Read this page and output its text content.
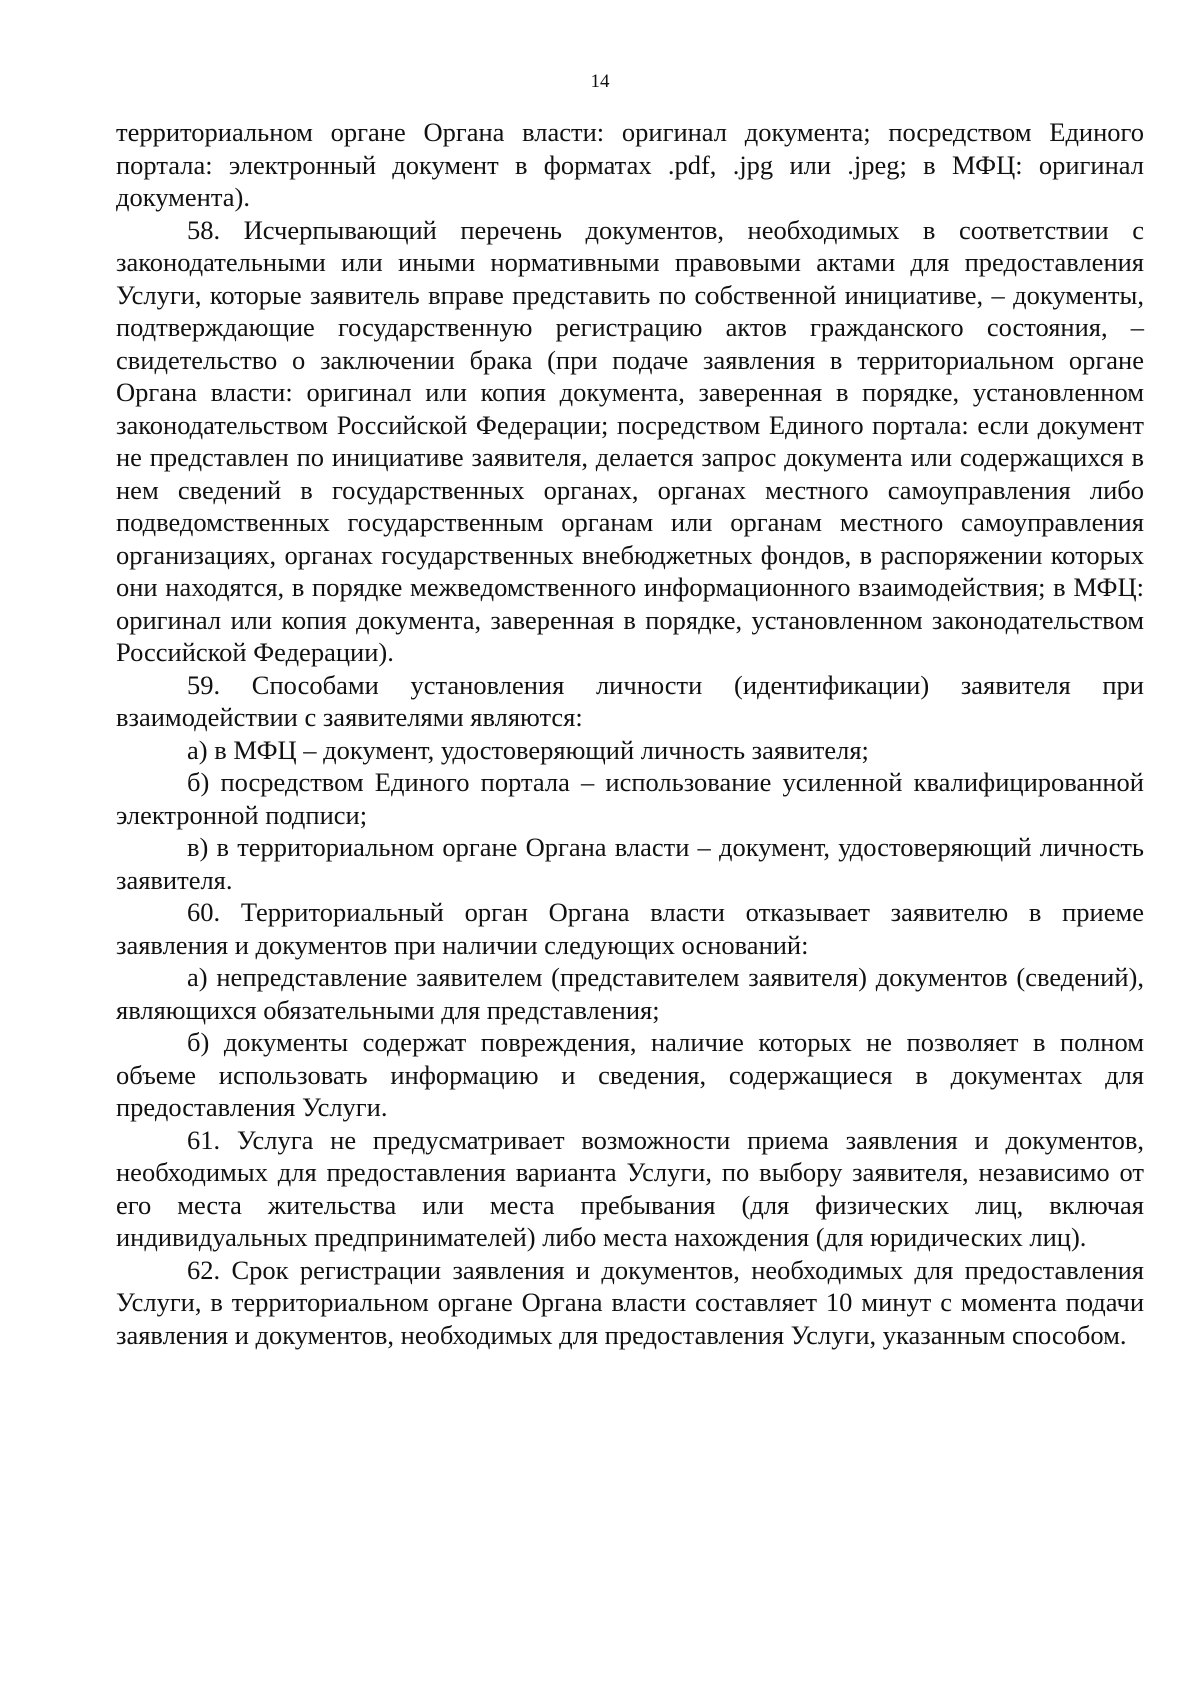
14

территориальном органе Органа власти: оригинал документа; посредством Единого портала: электронный документ в форматах .pdf, .jpg или .jpeg; в МФЦ: оригинал документа).

58. Исчерпывающий перечень документов, необходимых в соответствии с законодательными или иными нормативными правовыми актами для предоставления Услуги, которые заявитель вправе представить по собственной инициативе, – документы, подтверждающие государственную регистрацию актов гражданского состояния, – свидетельство о заключении брака (при подаче заявления в территориальном органе Органа власти: оригинал или копия документа, заверенная в порядке, установленном законодательством Российской Федерации; посредством Единого портала: если документ не представлен по инициативе заявителя, делается запрос документа или содержащихся в нем сведений в государственных органах, органах местного самоуправления либо подведомственных государственным органам или органам местного самоуправления организациях, органах государственных внебюджетных фондов, в распоряжении которых они находятся, в порядке межведомственного информационного взаимодействия; в МФЦ: оригинал или копия документа, заверенная в порядке, установленном законодательством Российской Федерации).

59. Способами установления личности (идентификации) заявителя при взаимодействии с заявителями являются:

а) в МФЦ – документ, удостоверяющий личность заявителя;

б) посредством Единого портала – использование усиленной квалифицированной электронной подписи;

в) в территориальном органе Органа власти – документ, удостоверяющий личность заявителя.

60. Территориальный орган Органа власти отказывает заявителю в приеме заявления и документов при наличии следующих оснований:

а) непредставление заявителем (представителем заявителя) документов (сведений), являющихся обязательными для представления;

б) документы содержат повреждения, наличие которых не позволяет в полном объеме использовать информацию и сведения, содержащиеся в документах для предоставления Услуги.

61. Услуга не предусматривает возможности приема заявления и документов, необходимых для предоставления варианта Услуги, по выбору заявителя, независимо от его места жительства или места пребывания (для физических лиц, включая индивидуальных предпринимателей) либо места нахождения (для юридических лиц).

62. Срок регистрации заявления и документов, необходимых для предоставления Услуги, в территориальном органе Органа власти составляет 10 минут с момента подачи заявления и документов, необходимых для предоставления Услуги, указанным способом.
